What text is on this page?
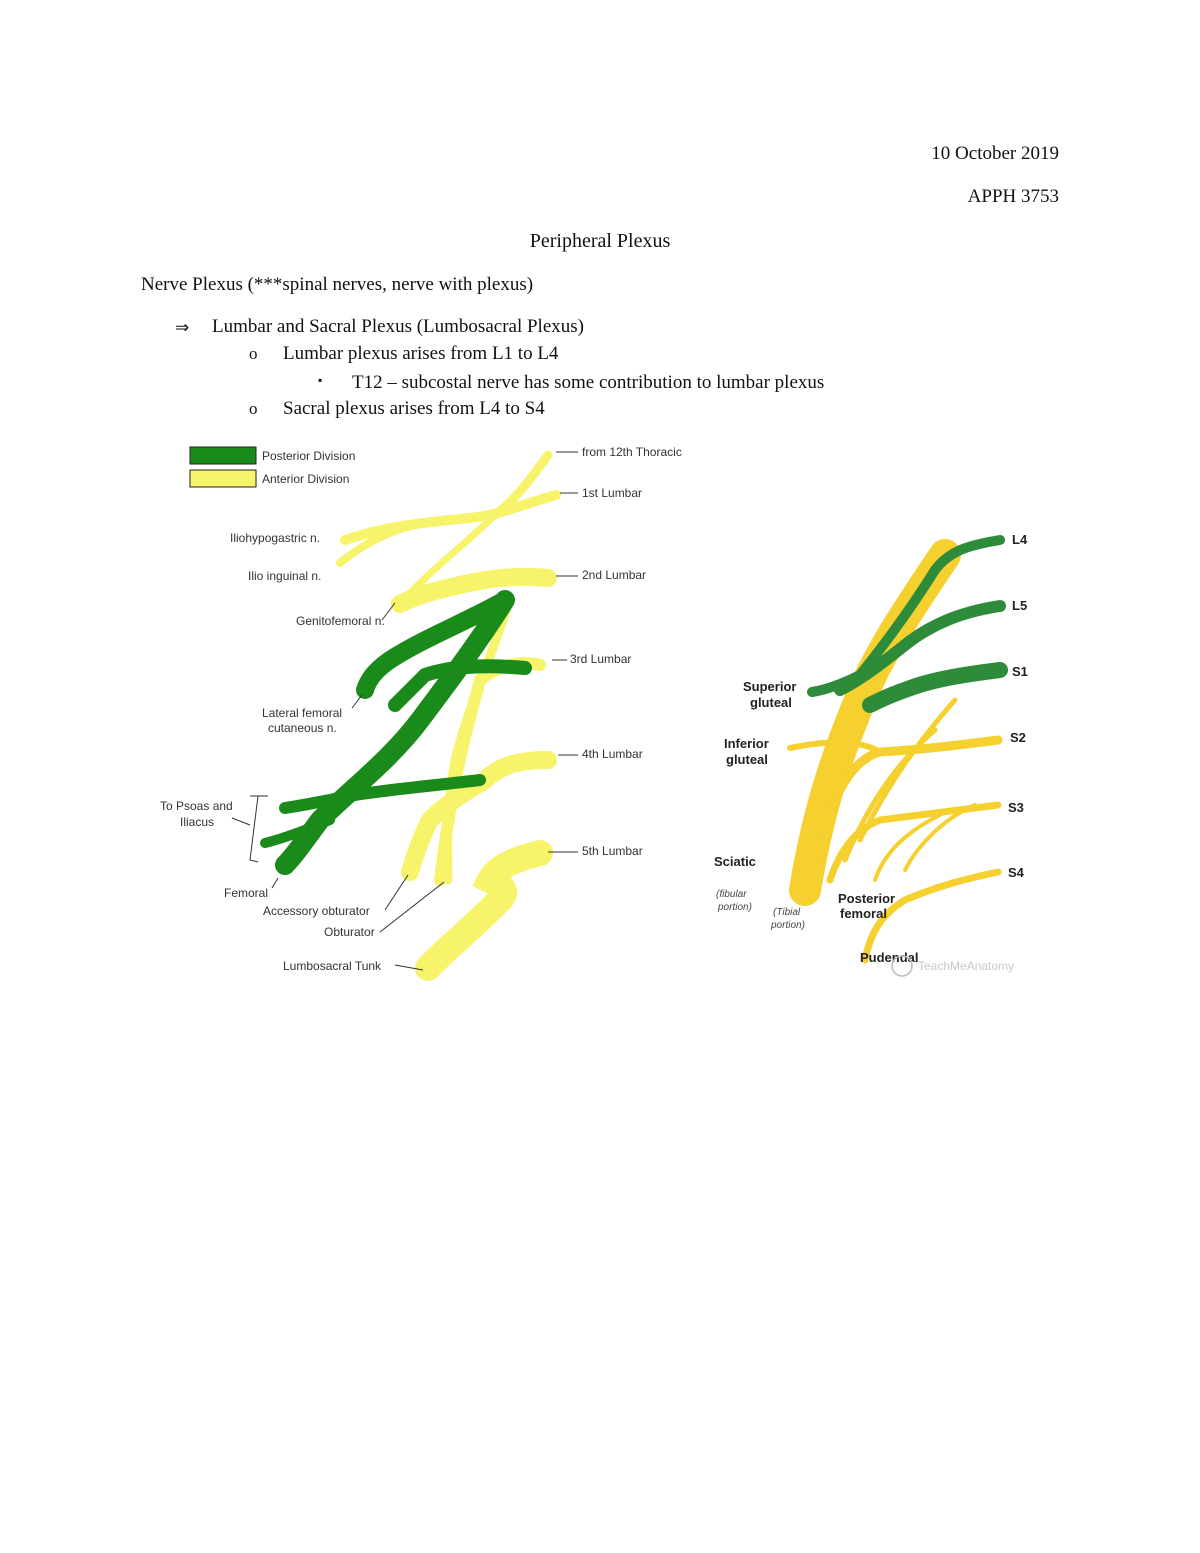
10 October 2019
APPH 3753
Peripheral Plexus
Nerve Plexus (***spinal nerves, nerve with plexus)
⇒ Lumbar and Sacral Plexus (Lumbosacral Plexus)
o Lumbar plexus arises from L1 to L4
▪ T12 – subcostal nerve has some contribution to lumbar plexus
o Sacral plexus arises from L4 to S4
Posterior Division
Anterior Division
from 12th Thoracic
1st Lumbar
2nd Lumbar
3rd Lumbar
4th Lumbar
5th Lumbar
Iliohypogastric n.
Ilio inguinal n.
Genitofemoral n.
Lateral femoral
cutaneous n.
To Psoas and
Iliacus
Femoral
Accessory obturator
Obturator
Lumbosacral Tunk
L4
L5
S1
S2
S3
S4
Superior
gluteal
Inferior
gluteal
Sciatic
(fibular
portion) (Tibial
portion)
Posterior
femoral
Pudendal
TeachMeAnatomy
